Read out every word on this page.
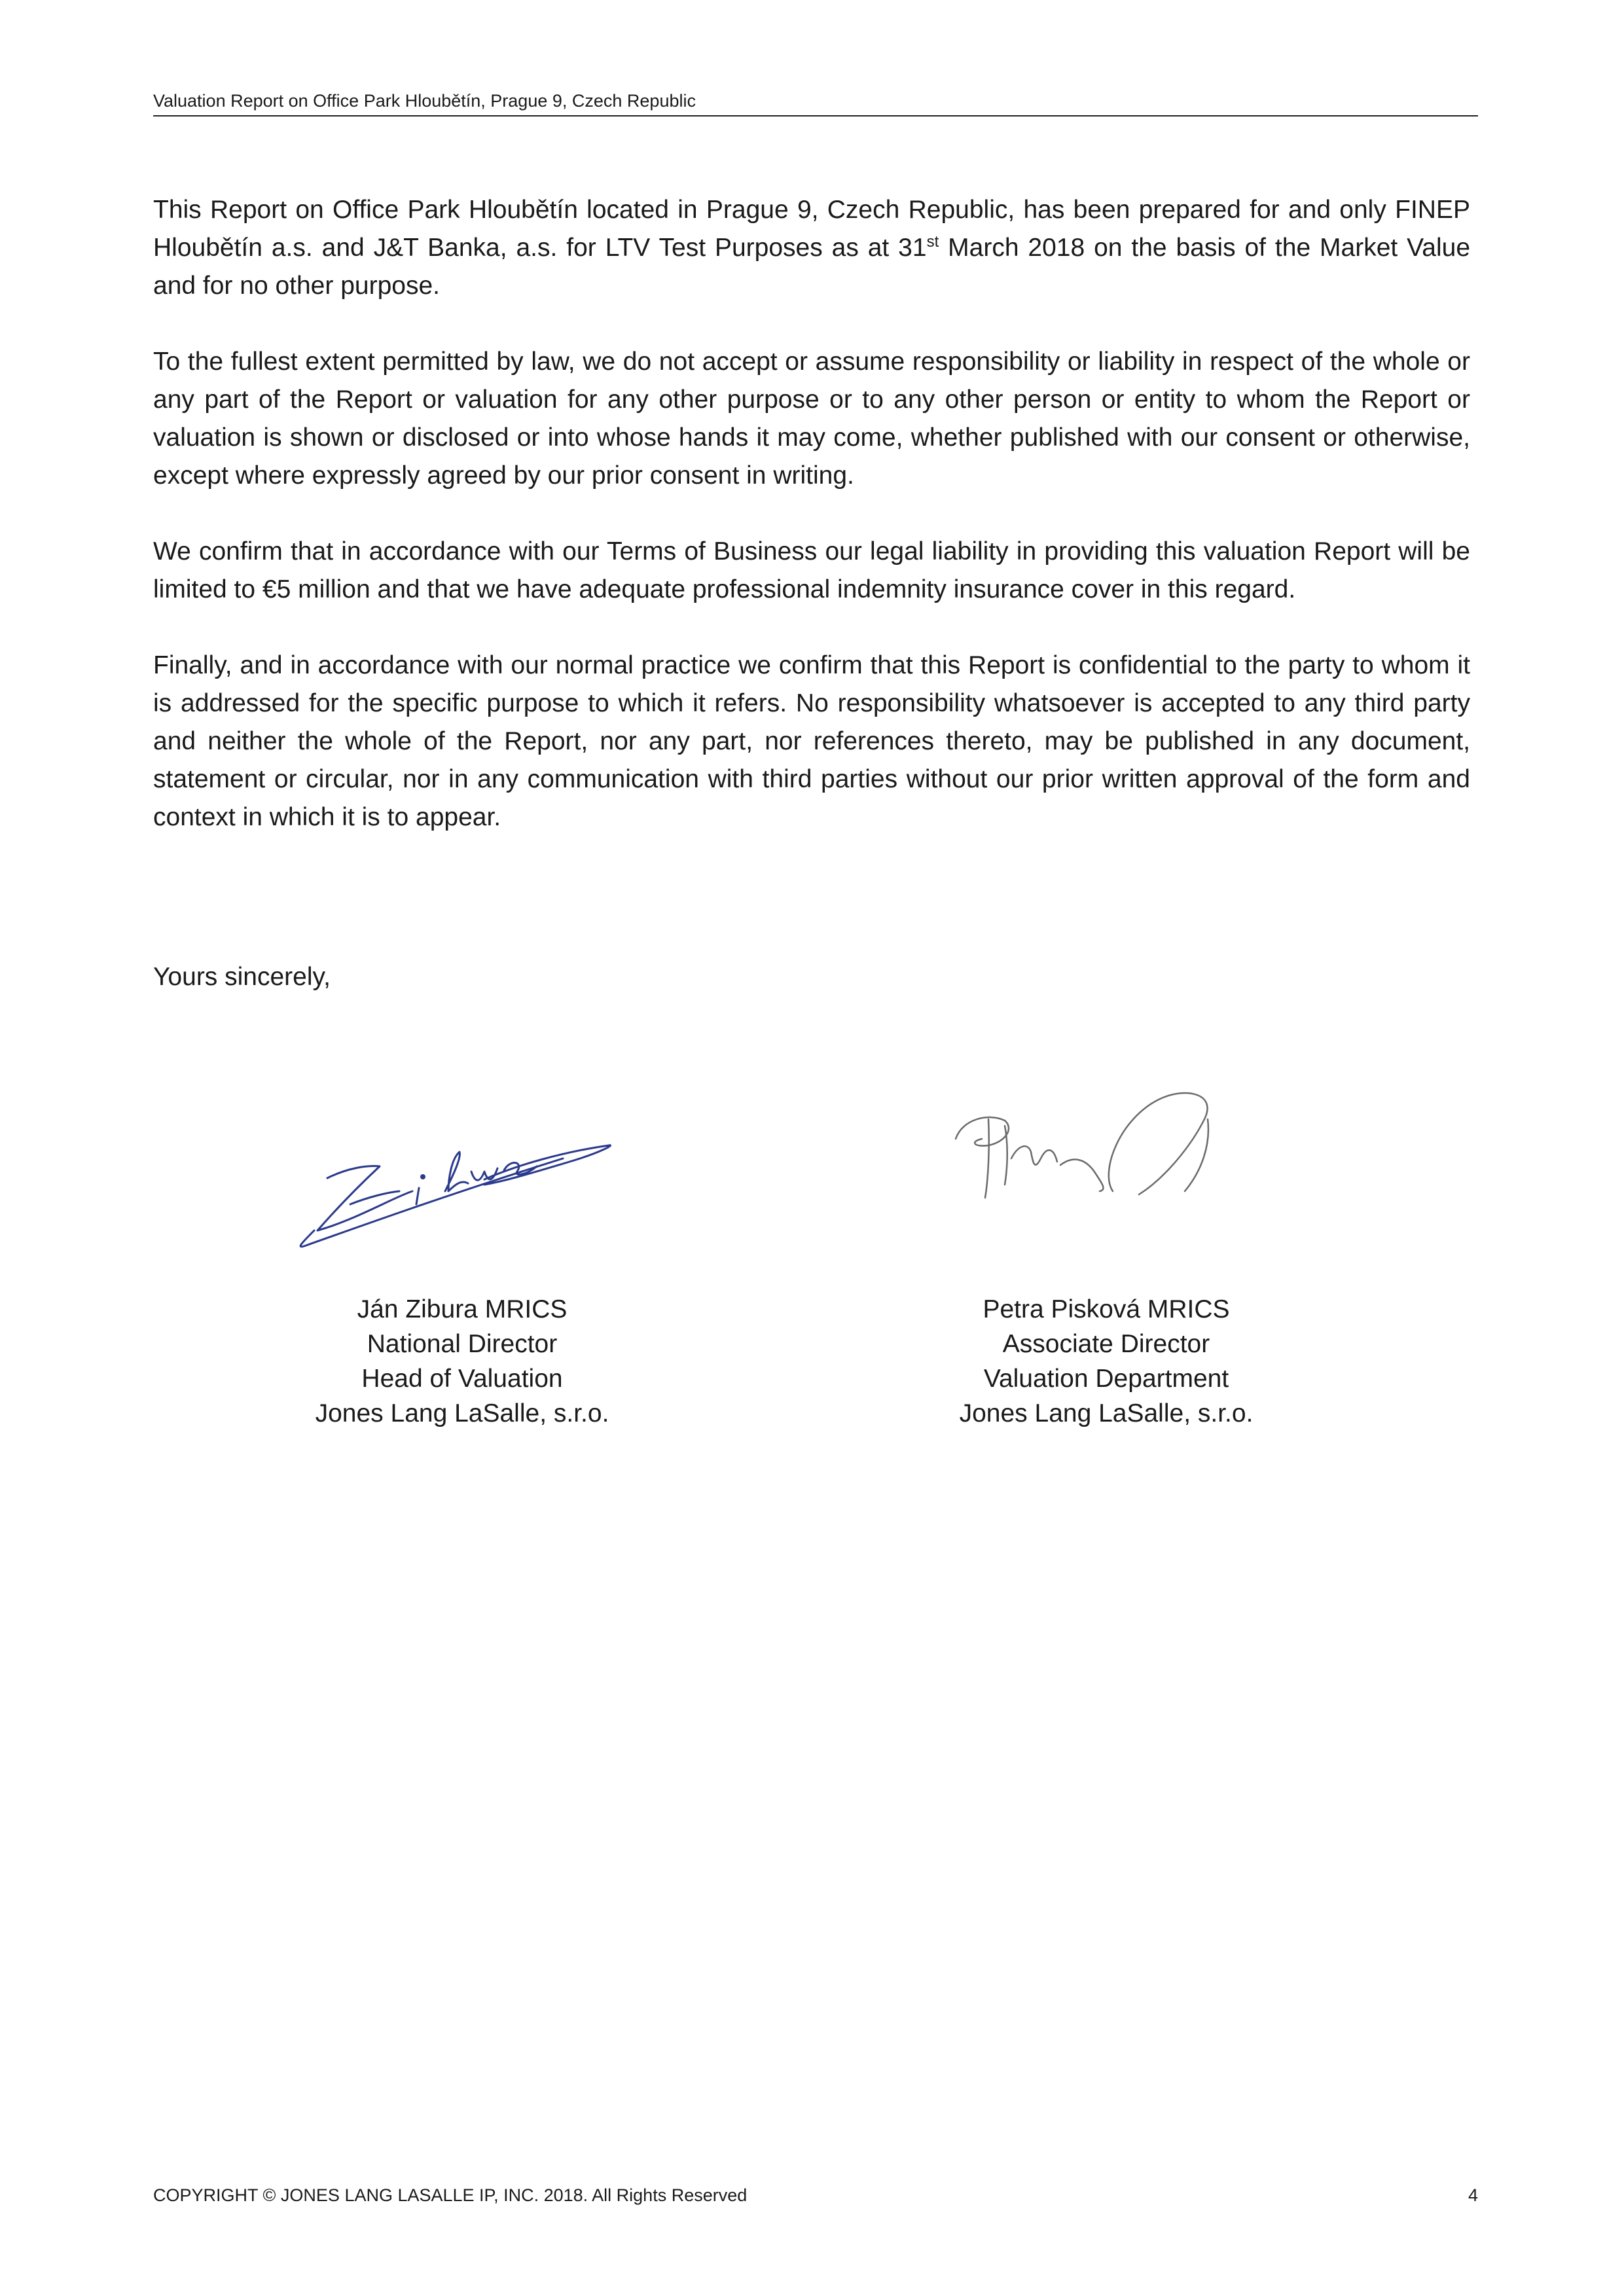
Valuation Report on Office Park Hloubětín, Prague 9, Czech Republic

This Report on Office Park Hloubětín located in Prague 9, Czech Republic, has been prepared for and only FINEP Hloubětín a.s. and J&T Banka, a.s. for LTV Test Purposes as at 31st March 2018 on the basis of the Market Value and for no other purpose.

To the fullest extent permitted by law, we do not accept or assume responsibility or liability in respect of the whole or any part of the Report or valuation for any other purpose or to any other person or entity to whom the Report or valuation is shown or disclosed or into whose hands it may come, whether published with our consent or otherwise, except where expressly agreed by our prior consent in writing.

We confirm that in accordance with our Terms of Business our legal liability in providing this valuation Report will be limited to €5 million and that we have adequate professional indemnity insurance cover in this regard.

Finally, and in accordance with our normal practice we confirm that this Report is confidential to the party to whom it is addressed for the specific purpose to which it refers. No responsibility whatsoever is accepted to any third party and neither the whole of the Report, nor any part, nor references thereto, may be published in any document, statement or circular, nor in any communication with third parties without our prior written approval of the form and context in which it is to appear.

Yours sincerely,
Ján Zibura MRICS
National Director
Head of Valuation
Jones Lang LaSalle, s.r.o.
Petra Pisková MRICS
Associate Director
Valuation Department
Jones Lang LaSalle, s.r.o.
COPYRIGHT © JONES LANG LASALLE IP, INC. 2018. All Rights Reserved	4
